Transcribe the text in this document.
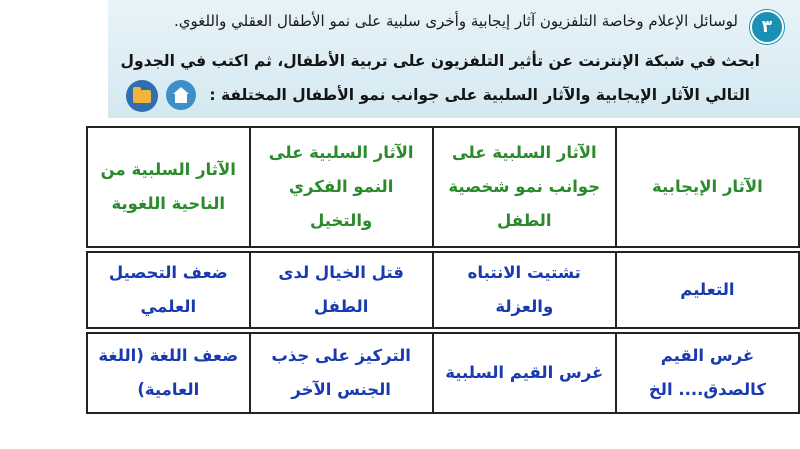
٣
لوسائل الإعلام وخاصة التلفزيون آثار إيجابية وأخرى سلبية على نمو الأطفال العقلي واللغوي.
ابحث في شبكة الإنترنت عن تأثير التلفزيون على تربية الأطفال، ثم اكتب في الجدول
التالي الآثار الإيجابية والآثار السلبية على جوانب نمو الأطفال المختلفة :
الآثار الإيجابية	الآثار السلبية على جوانب نمو شخصية الطفل	الآثار السلبية على النمو الفكري والتخيل	الآثار السلبية من الناحية اللغوية
التعليم	تشتيت الانتباه والعزلة	قتل الخيال لدى الطفل	ضعف التحصيل العلمي
غرس القيم كالصدق.... الخ	غرس القيم السلبية	التركيز على جذب الجنس الآخر	ضعف اللغة (اللغة العامية)
